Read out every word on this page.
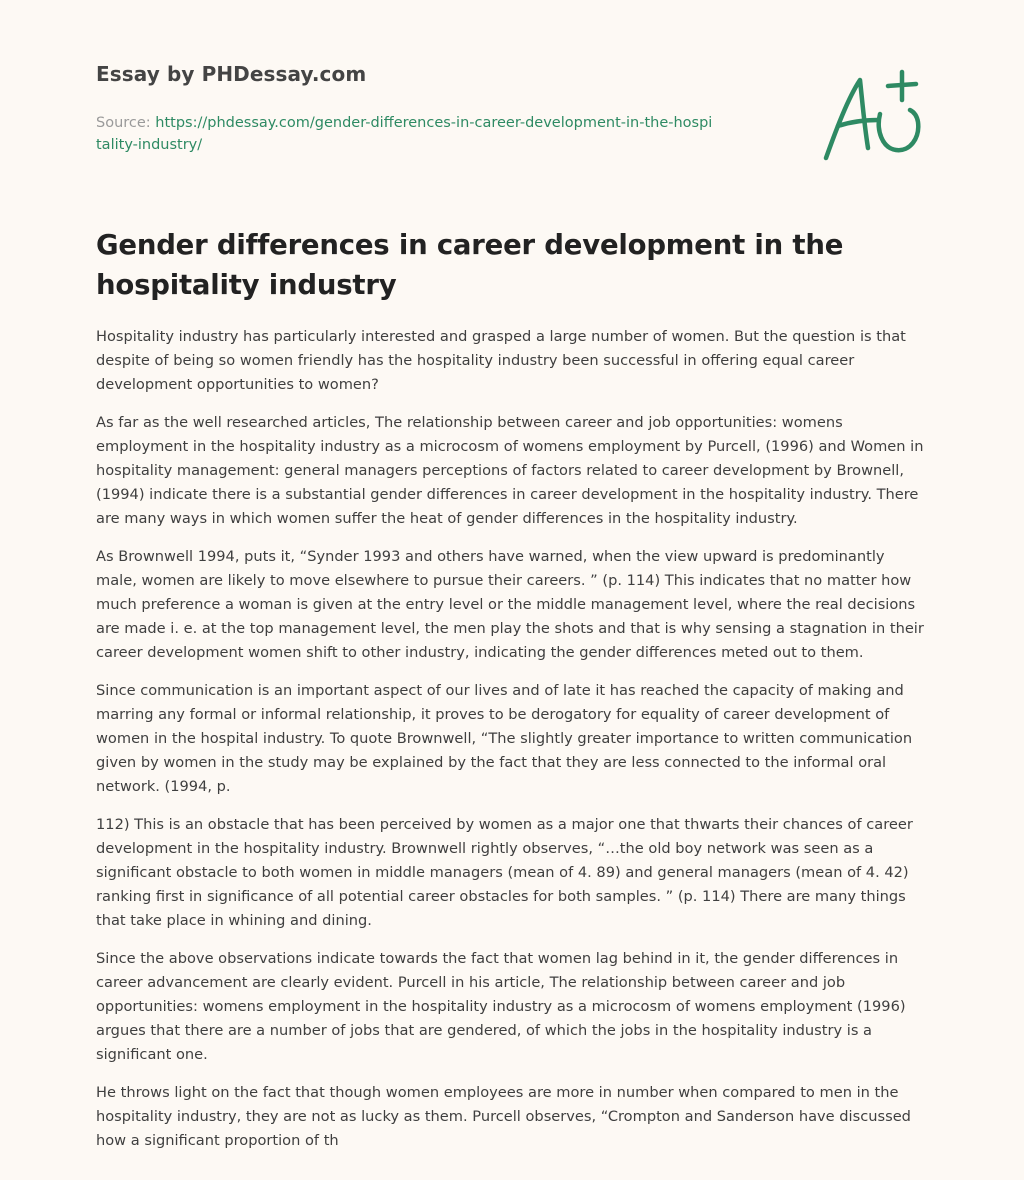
Essay by PHDessay.com
Source: https://phdessay.com/gender-differences-in-career-development-in-the-hospitality-industry/
Gender differences in career development in the hospitality industry

Hospitality industry has particularly interested and grasped a large number of women. But the question is that despite of being so women friendly has the hospitality industry been successful in offering equal career development opportunities to women?

As far as the well researched articles, The relationship between career and job opportunities: womens employment in the hospitality industry as a microcosm of womens employment by Purcell, (1996) and Women in hospitality management: general managers perceptions of factors related to career development by Brownell, (1994) indicate there is a substantial gender differences in career development in the hospitality industry. There are many ways in which women suffer the heat of gender differences in the hospitality industry.

As Brownwell 1994, puts it, “Synder 1993 and others have warned, when the view upward is predominantly male, women are likely to move elsewhere to pursue their careers. ” (p. 114) This indicates that no matter how much preference a woman is given at the entry level or the middle management level, where the real decisions are made i. e. at the top management level, the men play the shots and that is why sensing a stagnation in their career development women shift to other industry, indicating the gender differences meted out to them.

Since communication is an important aspect of our lives and of late it has reached the capacity of making and marring any formal or informal relationship, it proves to be derogatory for equality of career development of women in the hospital industry. To quote Brownwell, “The slightly greater importance to written communication given by women in the study may be explained by the fact that they are less connected to the informal oral network. (1994, p.

112) This is an obstacle that has been perceived by women as a major one that thwarts their chances of career development in the hospitality industry. Brownwell rightly observes, “…the old boy network was seen as a significant obstacle to both women in middle managers (mean of 4. 89) and general managers (mean of 4. 42) ranking first in significance of all potential career obstacles for both samples. ” (p. 114) There are many things that take place in whining and dining.

Since the above observations indicate towards the fact that women lag behind in it, the gender differences in career advancement are clearly evident. Purcell in his article, The relationship between career and job opportunities: womens employment in the hospitality industry as a microcosm of womens employment (1996) argues that there are a number of jobs that are gendered, of which the jobs in the hospitality industry is a significant one.

He throws light on the fact that though women employees are more in number when compared to men in the hospitality industry, they are not as lucky as them. Purcell observes, “Crompton and Sanderson have discussed how a significant proportion of th
